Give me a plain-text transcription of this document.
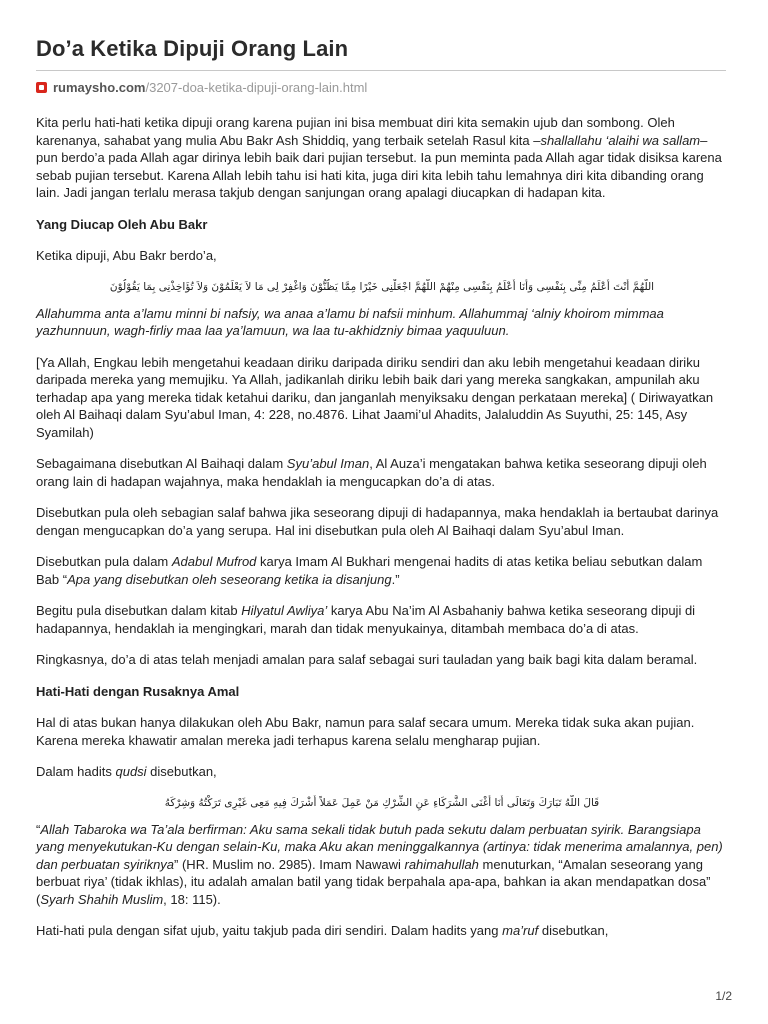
Do’a Ketika Dipuji Orang Lain
rumaysho.com /3207-doa-ketika-dipuji-orang-lain.html

Kita perlu hati-hati ketika dipuji orang karena pujian ini bisa membuat diri kita semakin ujub dan sombong. Oleh karenanya, sahabat yang mulia Abu Bakr Ash Shiddiq, yang terbaik setelah Rasul kita –shallallahu ‘alaihi wa sallam– pun berdo’a pada Allah agar dirinya lebih baik dari pujian tersebut. Ia pun meminta pada Allah agar tidak disiksa karena sebab pujian tersebut. Karena Allah lebih tahu isi hati kita, juga diri kita lebih tahu lemahnya diri kita dibanding orang lain. Jadi jangan terlalu merasa takjub dengan sanjungan orang apalagi diucapkan di hadapan kita.

Yang Diucap Oleh Abu Bakr

Ketika dipuji, Abu Bakr berdo’a,

اللَّهُمَّ أَنْتَ أَعْلَمُ مِنِّى بِنَفْسِى وَأَنَا أَعْلَمُ بِنَفْسِى مِنْهُمْ اللَّهُمَّ اجْعَلْنِى خَيْرًا مِمَّا يَظُنُّوْنَ وَاغْفِرْ لِى مَا لاَ يَعْلَمُوْنَ وَلاَ تُؤَاخِذْنِى بِمَا يَقُوْلُوْنَ

Allahumma anta a’lamu minni bi nafsiy, wa anaa a’lamu bi nafsii minhum. Allahummaj ‘alniy khoirom mimmaa yazhunnuun, wagh-firliy maa laa ya’lamuun, wa laa tu-akhidzniy bimaa yaquuluun.

[Ya Allah, Engkau lebih mengetahui keadaan diriku daripada diriku sendiri dan aku lebih mengetahui keadaan diriku daripada mereka yang memujiku. Ya Allah, jadikanlah diriku lebih baik dari yang mereka sangkakan, ampunilah aku terhadap apa yang mereka tidak ketahui dariku, dan janganlah menyiksaku dengan perkataan mereka] ( Diriwayatkan oleh Al Baihaqi dalam Syu’abul Iman, 4: 228, no.4876. Lihat Jaami’ul Ahadits, Jalaluddin As Suyuthi, 25: 145, Asy Syamilah)

Sebagaimana disebutkan Al Baihaqi dalam Syu’abul Iman, Al Auza’i mengatakan bahwa ketika seseorang dipuji oleh orang lain di hadapan wajahnya, maka hendaklah ia mengucapkan do’a di atas.

Disebutkan pula oleh sebagian salaf bahwa jika seseorang dipuji di hadapannya, maka hendaklah ia bertaubat darinya dengan mengucapkan do’a yang serupa. Hal ini disebutkan pula oleh Al Baihaqi dalam Syu’abul Iman.

Disebutkan pula dalam Adabul Mufrod karya Imam Al Bukhari mengenai hadits di atas ketika beliau sebutkan dalam Bab “Apa yang disebutkan oleh seseorang ketika ia disanjung.”

Begitu pula disebutkan dalam kitab Hilyatul Awliya’ karya Abu Na’im Al Asbahaniy bahwa ketika seseorang dipuji di hadapannya, hendaklah ia mengingkari, marah dan tidak menyukainya, ditambah membaca do’a di atas.

Ringkasnya, do’a di atas telah menjadi amalan para salaf sebagai suri tauladan yang baik bagi kita dalam beramal.

Hati-Hati dengan Rusaknya Amal

Hal di atas bukan hanya dilakukan oleh Abu Bakr, namun para salaf secara umum. Mereka tidak suka akan pujian. Karena mereka khawatir amalan mereka jadi terhapus karena selalu mengharap pujian.

Dalam hadits qudsi disebutkan,

قَالَ اللَّهُ تَبَارَكَ وَتَعَالَى أَنَا أَغْنَى الشُّرَكَاءِ عَنِ الشِّرْكِ مَنْ عَمِلَ عَمَلاً أَشْرَكَ فِيهِ مَعِى غَيْرِى تَرَكْتُهُ وَشِرْكَهُ

“Allah Tabaroka wa Ta’ala berfirman: Aku sama sekali tidak butuh pada sekutu dalam perbuatan syirik. Barangsiapa yang menyekutukan-Ku dengan selain-Ku, maka Aku akan meninggalkannya (artinya: tidak menerima amalannya, pen) dan perbuatan syiriknya” (HR. Muslim no. 2985). Imam Nawawi rahimahullah menuturkan, “Amalan seseorang yang berbuat riya’ (tidak ikhlas), itu adalah amalan batil yang tidak berpahala apa-apa, bahkan ia akan mendapatkan dosa” (Syarh Shahih Muslim, 18: 115).

Hati-hati pula dengan sifat ujub, yaitu takjub pada diri sendiri. Dalam hadits yang ma’ruf disebutkan,

1/2
